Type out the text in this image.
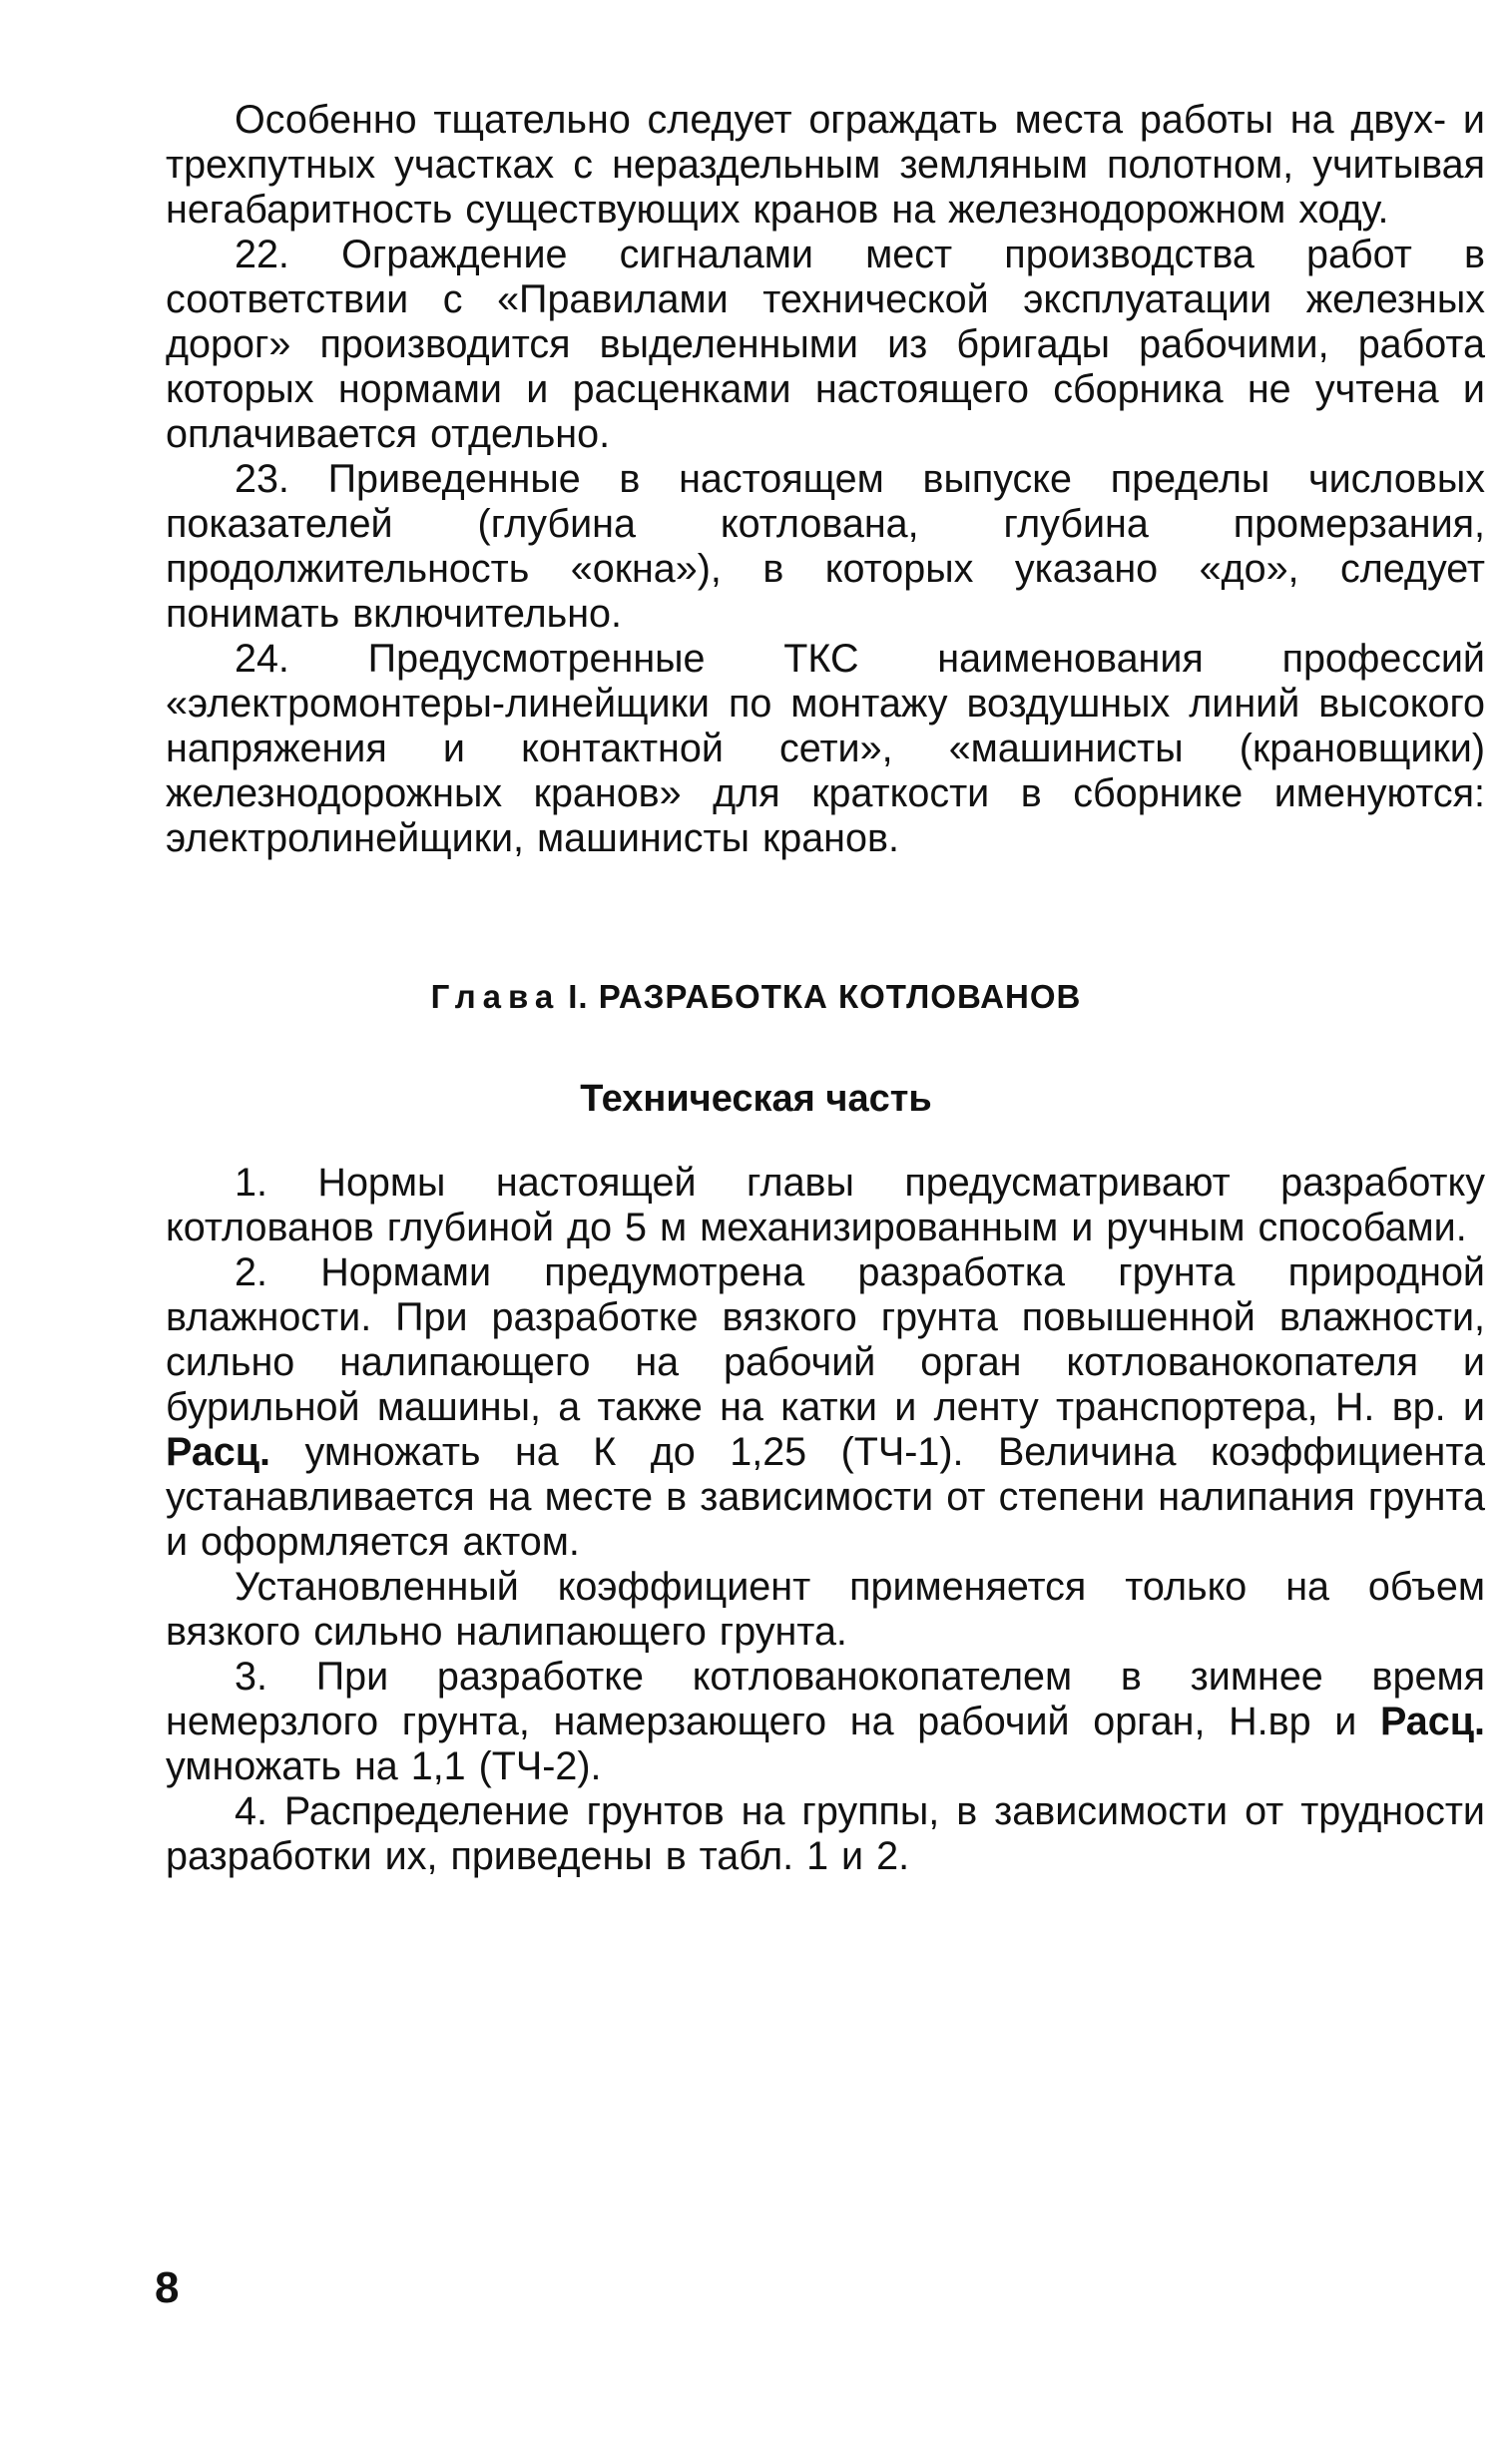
Особенно тщательно следует ограждать места работы на двух- и трехпутных участках с нераздельным земляным полотном, учитывая негабаритность существующих кранов на железнодорожном ходу.

22. Ограждение сигналами мест производства работ в соответствии с «Правилами технической эксплуатации железных дорог» производится выделенными из бригады рабочими, работа которых нормами и расценками настоящего сборника не учтена и оплачивается отдельно.

23. Приведенные в настоящем выпуске пределы числовых показателей (глубина котлована, глубина промерзания, продолжительность «окна»), в которых указано «до», следует понимать включительно.

24. Предусмотренные ТКС наименования профессий «электромонтеры-линейщики по монтажу воздушных линий высокого напряжения и контактной сети», «машинисты (крановщики) железнодорожных кранов» для краткости в сборнике именуются: электролинейщики, машинисты кранов.

Глава I. РАЗРАБОТКА КОТЛОВАНОВ
Техническая часть

1. Нормы настоящей главы предусматривают разработку котлованов глубиной до 5 м механизированным и ручным способами.

2. Нормами предумотрена разработка грунта природной влажности. При разработке вязкого грунта повышенной влажности, сильно налипающего на рабочий орган котлованокопателя и бурильной машины, а также на катки и ленту транспортера, Н. вр. и Расц. умножать на К до 1,25 (ТЧ-1). Величина коэффициента устанавливается на месте в зависимости от степени налипания грунта и оформляется актом.

Установленный коэффициент применяется только на объем вязкого сильно налипающего грунта.

3. При разработке котлованокопателем в зимнее время немерзлого грунта, намерзающего на рабочий орган, Н.вр и Расц. умножать на 1,1 (ТЧ-2).

4. Распределение грунтов на группы, в зависимости от трудности разработки их, приведены в табл. 1 и 2.

8
